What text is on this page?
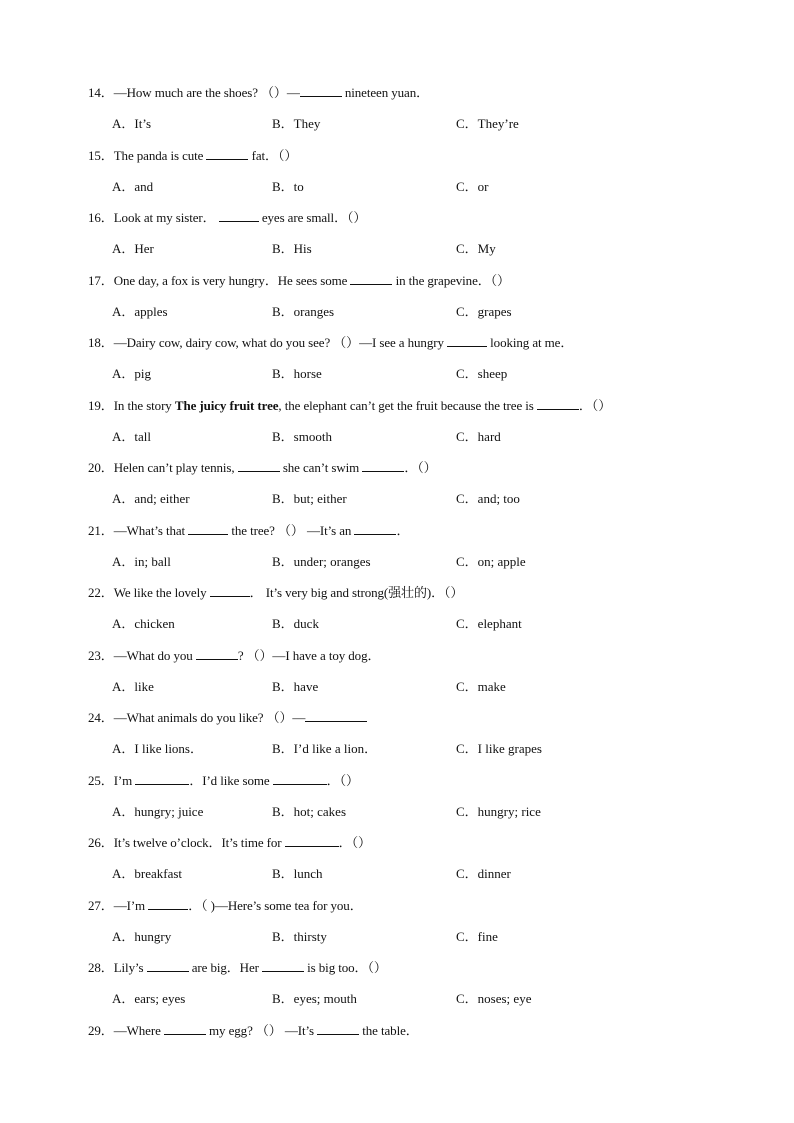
14．—How much are the shoes? （）—	nineteen yuan．
A．It’s	B．They	C．They’re
15．The panda is cute	fat．（）
A．and	B．to	C．or
16．Look at my sister．	eyes are small．（）
A．Her	B．His	C．My
17．One day, a fox is very hungry．He sees some	in the grapevine．（）
A．apples	B．oranges	C．grapes
18．—Dairy cow, dairy cow, what do you see? （）—I see a hungry	looking at me．
A．pig	B．horse	C．sheep
19．In the story The juicy fruit tree, the elephant can’t get the fruit because the tree is	．（）
A．tall	B．smooth	C．hard
20．Helen can’t play tennis,	she can’t swim	．（）
A．and; either	B．but; either	C．and; too
21．—What’s that	the tree? （） —It’s an	．
A．in; ball	B．under; oranges	C．on; apple
22．We like the lovely	． It’s very big and strong(强壮的)．（）
A．chicken	B．duck	C．elephant
23．—What do you	? （）—I have a toy dog．
A．like	B．have	C．make
24．—What animals do you like? （）—
A．I like lions．	B．I’d like a lion．	C．I like grapes
25．I’m	．I’d like some	．（）
A．hungry; juice	B．hot; cakes	C．hungry; rice
26．It’s twelve o’clock．It’s time for	．（）
A．breakfast	B．lunch	C．dinner
27．—I’m	．（ )—Here’s some tea for you．
A．hungry	B．thirsty	C．fine
28．Lily’s	are big．Her	is big too．（）
A．ears; eyes	B．eyes; mouth	C．noses; eye
29．—Where	my egg? （） —It’s	the table．
